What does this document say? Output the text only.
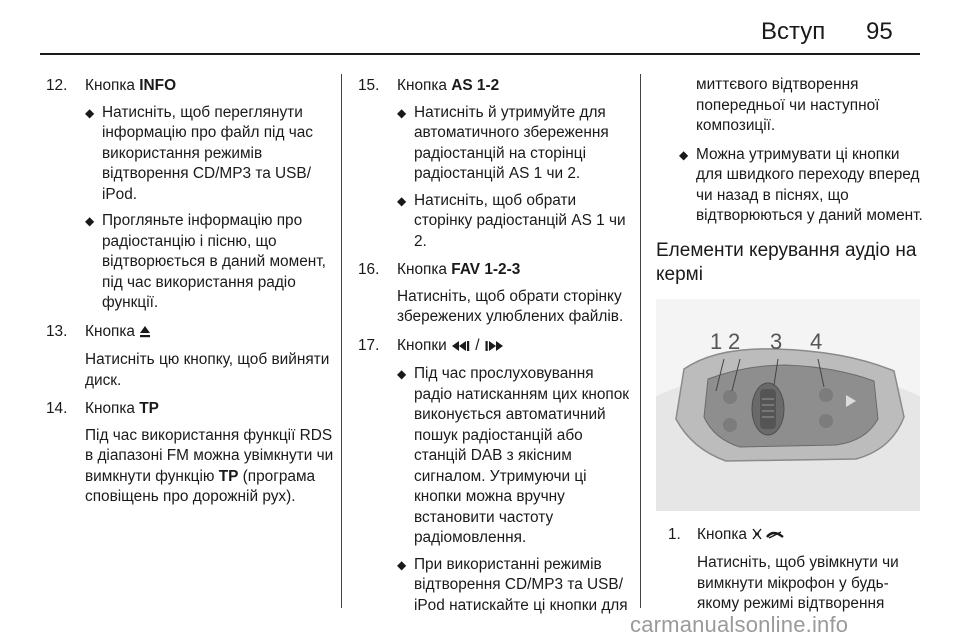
Вступ 95
12. Кнопка INFO
◆ Натисніть, щоб переглянути інформацію про файл під час використання режимів відтворення CD/MP3 та USB/ iPod.
◆ Прогляньте інформацію про радіостанцію і пісню, що відтворюється в даний момент, під час використання радіо функції.
13. Кнопка
Натисніть цю кнопку, щоб вийняти диск.
14. Кнопка TP
Під час використання функції RDS в діапазоні FM можна увімкнути чи вимкнути функцію TP (програма сповіщень про дорожній рух).
15. Кнопка AS 1-2
◆ Натисніть й утримуйте для автоматичного збереження радіостанцій на сторінці радіостанцій AS 1 чи 2.
◆ Натисніть, щоб обрати сторінку радіостанцій AS 1 чи 2.
16. Кнопка FAV 1-2-3
Натисніть, щоб обрати сторінку збережених улюблених файлів.
17. Кнопки /
◆ Під час прослуховування радіо натисканням цих кнопок виконується автоматичний пошук радіостанцій або станцій DAB з якісним сигналом. Утримуючи ці кнопки можна вручну встановити частоту радіомовлення.
◆ При використанні режимів відтворення CD/MP3 та USB/ iPod натискайте ці кнопки для
миттєвого відтворення попередньої чи наступної композиції.
◆ Можна утримувати ці кнопки для швидкого переходу вперед чи назад в піснях, що відтворюються у даний момент.
Елементи керування аудіо на кермі
1 2 3 4
1. Кнопка
Натисніть, щоб увімкнути чи вимкнути мікрофон у будь-якому режимі відтворення
carmanualsonline.info
